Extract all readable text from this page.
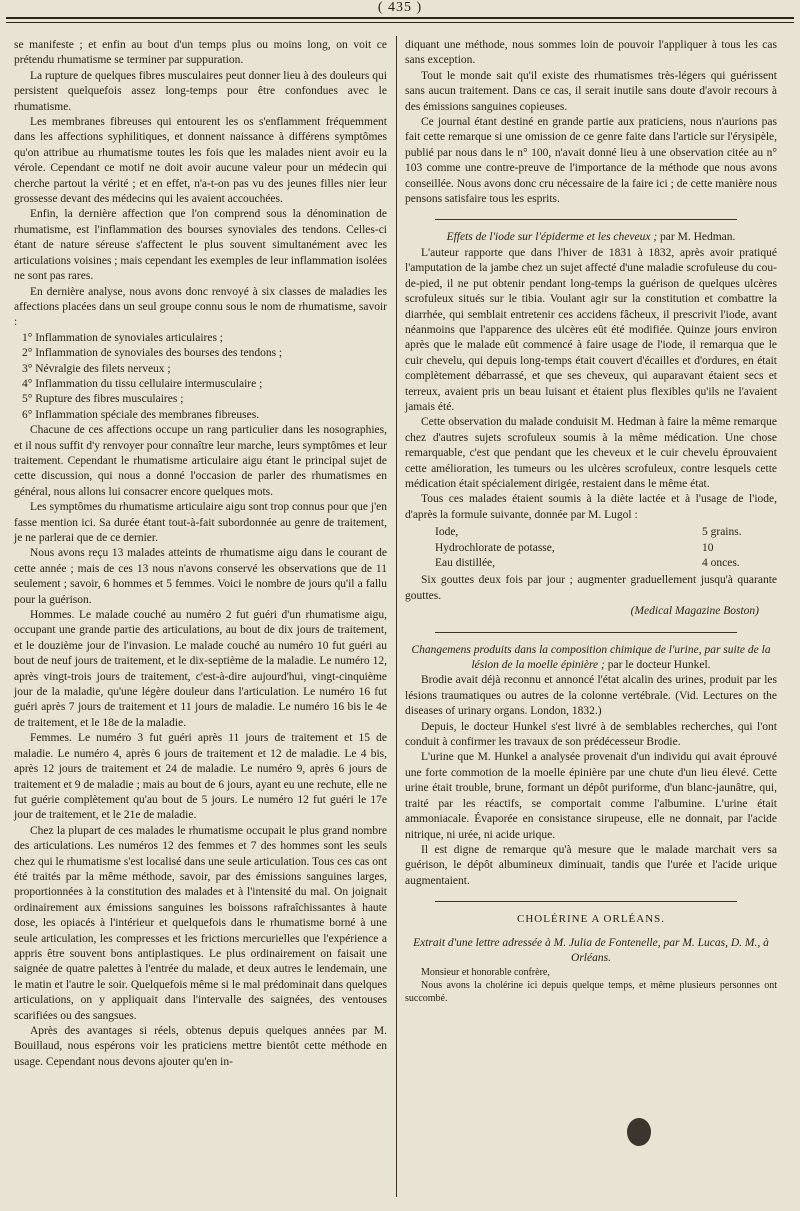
( 435 )

se manifeste ; et enfin au bout d'un temps plus ou moins long, on voit ce prétendu rhumatisme se terminer par suppuration.

La rupture de quelques fibres musculaires peut donner lieu à des douleurs qui persistent quelquefois assez long-temps pour être confondues avec le rhumatisme.

Les membranes fibreuses qui entourent les os s'enflamment fréquemment dans les affections syphilitiques, et donnent naissance à différens symptômes qu'on attribue au rhumatisme toutes les fois que les malades nient avoir eu la vérole. Cependant ce motif ne doit avoir aucune valeur pour un médecin qui cherche partout la vérité ; et en effet, n'a-t-on pas vu des jeunes filles nier leur grossesse devant des médecins qui les avaient accouchées.

Enfin, la dernière affection que l'on comprend sous la dénomination de rhumatisme, est l'inflammation des bourses synoviales des tendons. Celles-ci étant de nature séreuse s'affectent le plus souvent simultanément avec les articulations voisines ; mais cependant les exemples de leur inflammation isolées ne sont pas rares.

En dernière analyse, nous avons donc renvoyé à six classes de maladies les affections placées dans un seul groupe connu sous le nom de rhumatisme, savoir :

1° Inflammation de synoviales articulaires ;

2° Inflammation de synoviales des bourses des tendons ;

3° Névralgie des filets nerveux ;

4° Inflammation du tissu cellulaire intermusculaire ;

5° Rupture des fibres musculaires ;

6° Inflammation spéciale des membranes fibreuses.

Chacune de ces affections occupe un rang particulier dans les nosographies, et il nous suffit d'y renvoyer pour connaître leur marche, leurs symptômes et leur traitement. Cependant le rhumatisme articulaire aigu étant le principal sujet de cette discussion, qui nous a donné l'occasion de parler des rhumatismes en général, nous allons lui consacrer encore quelques mots.

Les symptômes du rhumatisme articulaire aigu sont trop connus pour que j'en fasse mention ici. Sa durée étant tout-à-fait subordonnée au genre de traitement, je ne parlerai que de ce dernier.

Nous avons reçu 13 malades atteints de rhumatisme aigu dans le courant de cette année ; mais de ces 13 nous n'avons conservé les observations que de 11 seulement ; savoir, 6 hommes et 5 femmes. Voici le nombre de jours qu'il a fallu pour la guérison.

Hommes. Le malade couché au numéro 2 fut guéri d'un rhumatisme aigu, occupant une grande partie des articulations, au bout de dix jours de traitement, et le douzième jour de l'invasion. Le malade couché au numéro 10 fut guéri au bout de neuf jours de traitement, et le dix-septième de la maladie. Le numéro 12, après vingt-trois jours de traitement, c'est-à-dire aujourd'hui, vingt-cinquième jour de la maladie, qu'une légère douleur dans l'articulation. Le numéro 16 fut guéri après 7 jours de traitement et 11 jours de maladie. Le numéro 16 bis le 4e de traitement, et le 18e de la maladie.

Femmes. Le numéro 3 fut guéri après 11 jours de traitement et 15 de maladie. Le numéro 4, après 6 jours de traitement et 12 de maladie. Le 4 bis, après 12 jours de traitement et 24 de maladie. Le numéro 9, après 6 jours de traitement et 9 de maladie ; mais au bout de 6 jours, ayant eu une rechute, elle ne fut guérie complètement qu'au bout de 5 jours. Le numéro 12 fut guéri le 17e jour de traitement, et le 21e de maladie.

Chez la plupart de ces malades le rhumatisme occupait le plus grand nombre des articulations. Les numéros 12 des femmes et 7 des hommes sont les seuls chez qui le rhumatisme s'est localisé dans une seule articulation. Tous ces cas ont été traités par la même méthode, savoir, par des émissions sanguines larges, proportionnées à la constitution des malades et à l'intensité du mal. On joignait ordinairement aux émissions sanguines les boissons rafraîchissantes à haute dose, les opiacés à l'intérieur et quelquefois dans le rhumatisme borné à une seule articulation, les compresses et les frictions mercurielles que l'expérience a appris être souvent bons antiplastiques. Le plus ordinairement on faisait une saignée de quatre palettes à l'entrée du malade, et deux autres le lendemain, une le matin et l'autre le soir. Quelquefois même si le mal prédominait dans quelques articulations, on y appliquait dans l'intervalle des saignées, des ventouses scarifiées ou des sangsues.

Après des avantages si réels, obtenus depuis quelques années par M. Bouillaud, nous espérons voir les praticiens mettre bientôt cette méthode en usage. Cependant nous devons ajouter qu'en in-

diquant une méthode, nous sommes loin de pouvoir l'appliquer à tous les cas sans exception.

Tout le monde sait qu'il existe des rhumatismes très-légers qui guérissent sans aucun traitement. Dans ce cas, il serait inutile sans doute d'avoir recours à des émissions sanguines copieuses.

Ce journal étant destiné en grande partie aux praticiens, nous n'aurions pas fait cette remarque si une omission de ce genre faite dans l'article sur l'érysipèle, publié par nous dans le n° 100, n'avait donné lieu à une observation citée au n° 103 comme une contre-preuve de l'importance de la méthode que nous avons conseillée. Nous avons donc cru nécessaire de la faire ici ; de cette manière nous pensons satisfaire tous les esprits.

Effets de l'iode sur l'épiderme et les cheveux ; par M. Hedman.

L'auteur rapporte que dans l'hiver de 1831 à 1832, après avoir pratiqué l'amputation de la jambe chez un sujet affecté d'une maladie scrofuleuse du cou-de-pied, il ne put obtenir pendant long-temps la guérison de quelques ulcères scrofuleux situés sur le tibia. Voulant agir sur la constitution et combattre la diarrhée, qui semblait entretenir ces accidens fâcheux, il prescrivit l'iode, avant néanmoins que l'apparence des ulcères eût été modifiée. Quinze jours environ après que le malade eût commencé à faire usage de l'iode, il remarqua que le cuir chevelu, qui depuis long-temps était couvert d'écailles et d'ordures, en était complètement débarrassé, et que ses cheveux, qui auparavant étaient secs et terreux, avaient pris un beau luisant et étaient plus flexibles qu'ils ne l'avaient jamais été.

Cette observation du malade conduisit M. Hedman à faire la même remarque chez d'autres sujets scrofuleux soumis à la même médication. Une chose remarquable, c'est que pendant que les cheveux et le cuir chevelu éprouvaient cette amélioration, les tumeurs ou les ulcères scrofuleux, contre lesquels cette médication était spécialement dirigée, restaient dans le même état.

Tous ces malades étaient soumis à la diète lactée et à l'usage de l'iode, d'après la formule suivante, donnée par M. Lugol :

Iode,	5 grains.
Hydrochlorate de potasse,	10
Eau distillée,	4 onces.

Six gouttes deux fois par jour ; augmenter graduellement jusqu'à quarante gouttes.

(Medical Magazine Boston)

Changemens produits dans la composition chimique de l'urine, par suite de la lésion de la moelle épinière ; par le docteur Hunkel.

Brodie avait déjà reconnu et annoncé l'état alcalin des urines, produit par les lésions traumatiques ou autres de la colonne vertébrale. (Vid. Lectures on the diseases of urinary organs. London, 1832.)

Depuis, le docteur Hunkel s'est livré à de semblables recherches, qui l'ont conduit à confirmer les travaux de son prédécesseur Brodie.

L'urine que M. Hunkel a analysée provenait d'un individu qui avait éprouvé une forte commotion de la moelle épinière par une chute d'un lieu élevé. Cette urine était trouble, brune, formant un dépôt puriforme, d'un blanc-jaunâtre, qui, traité par les réactifs, se comportait comme l'albumine. L'urine était ammoniacale. Évaporée en consistance sirupeuse, elle ne donnait, par l'acide nitrique, ni urée, ni acide urique.

Il est digne de remarque qu'à mesure que le malade marchait vers sa guérison, le dépôt albumineux diminuait, tandis que l'urée et l'acide urique augmentaient.

CHOLÉRINE A ORLÉANS.

Extrait d'une lettre adressée à M. Julia de Fontenelle, par M. Lucas, D. M., à Orléans.

Monsieur et honorable confrère,

Nous avons la cholérine ici depuis quelque temps, et même plusieurs personnes ont succombé.
